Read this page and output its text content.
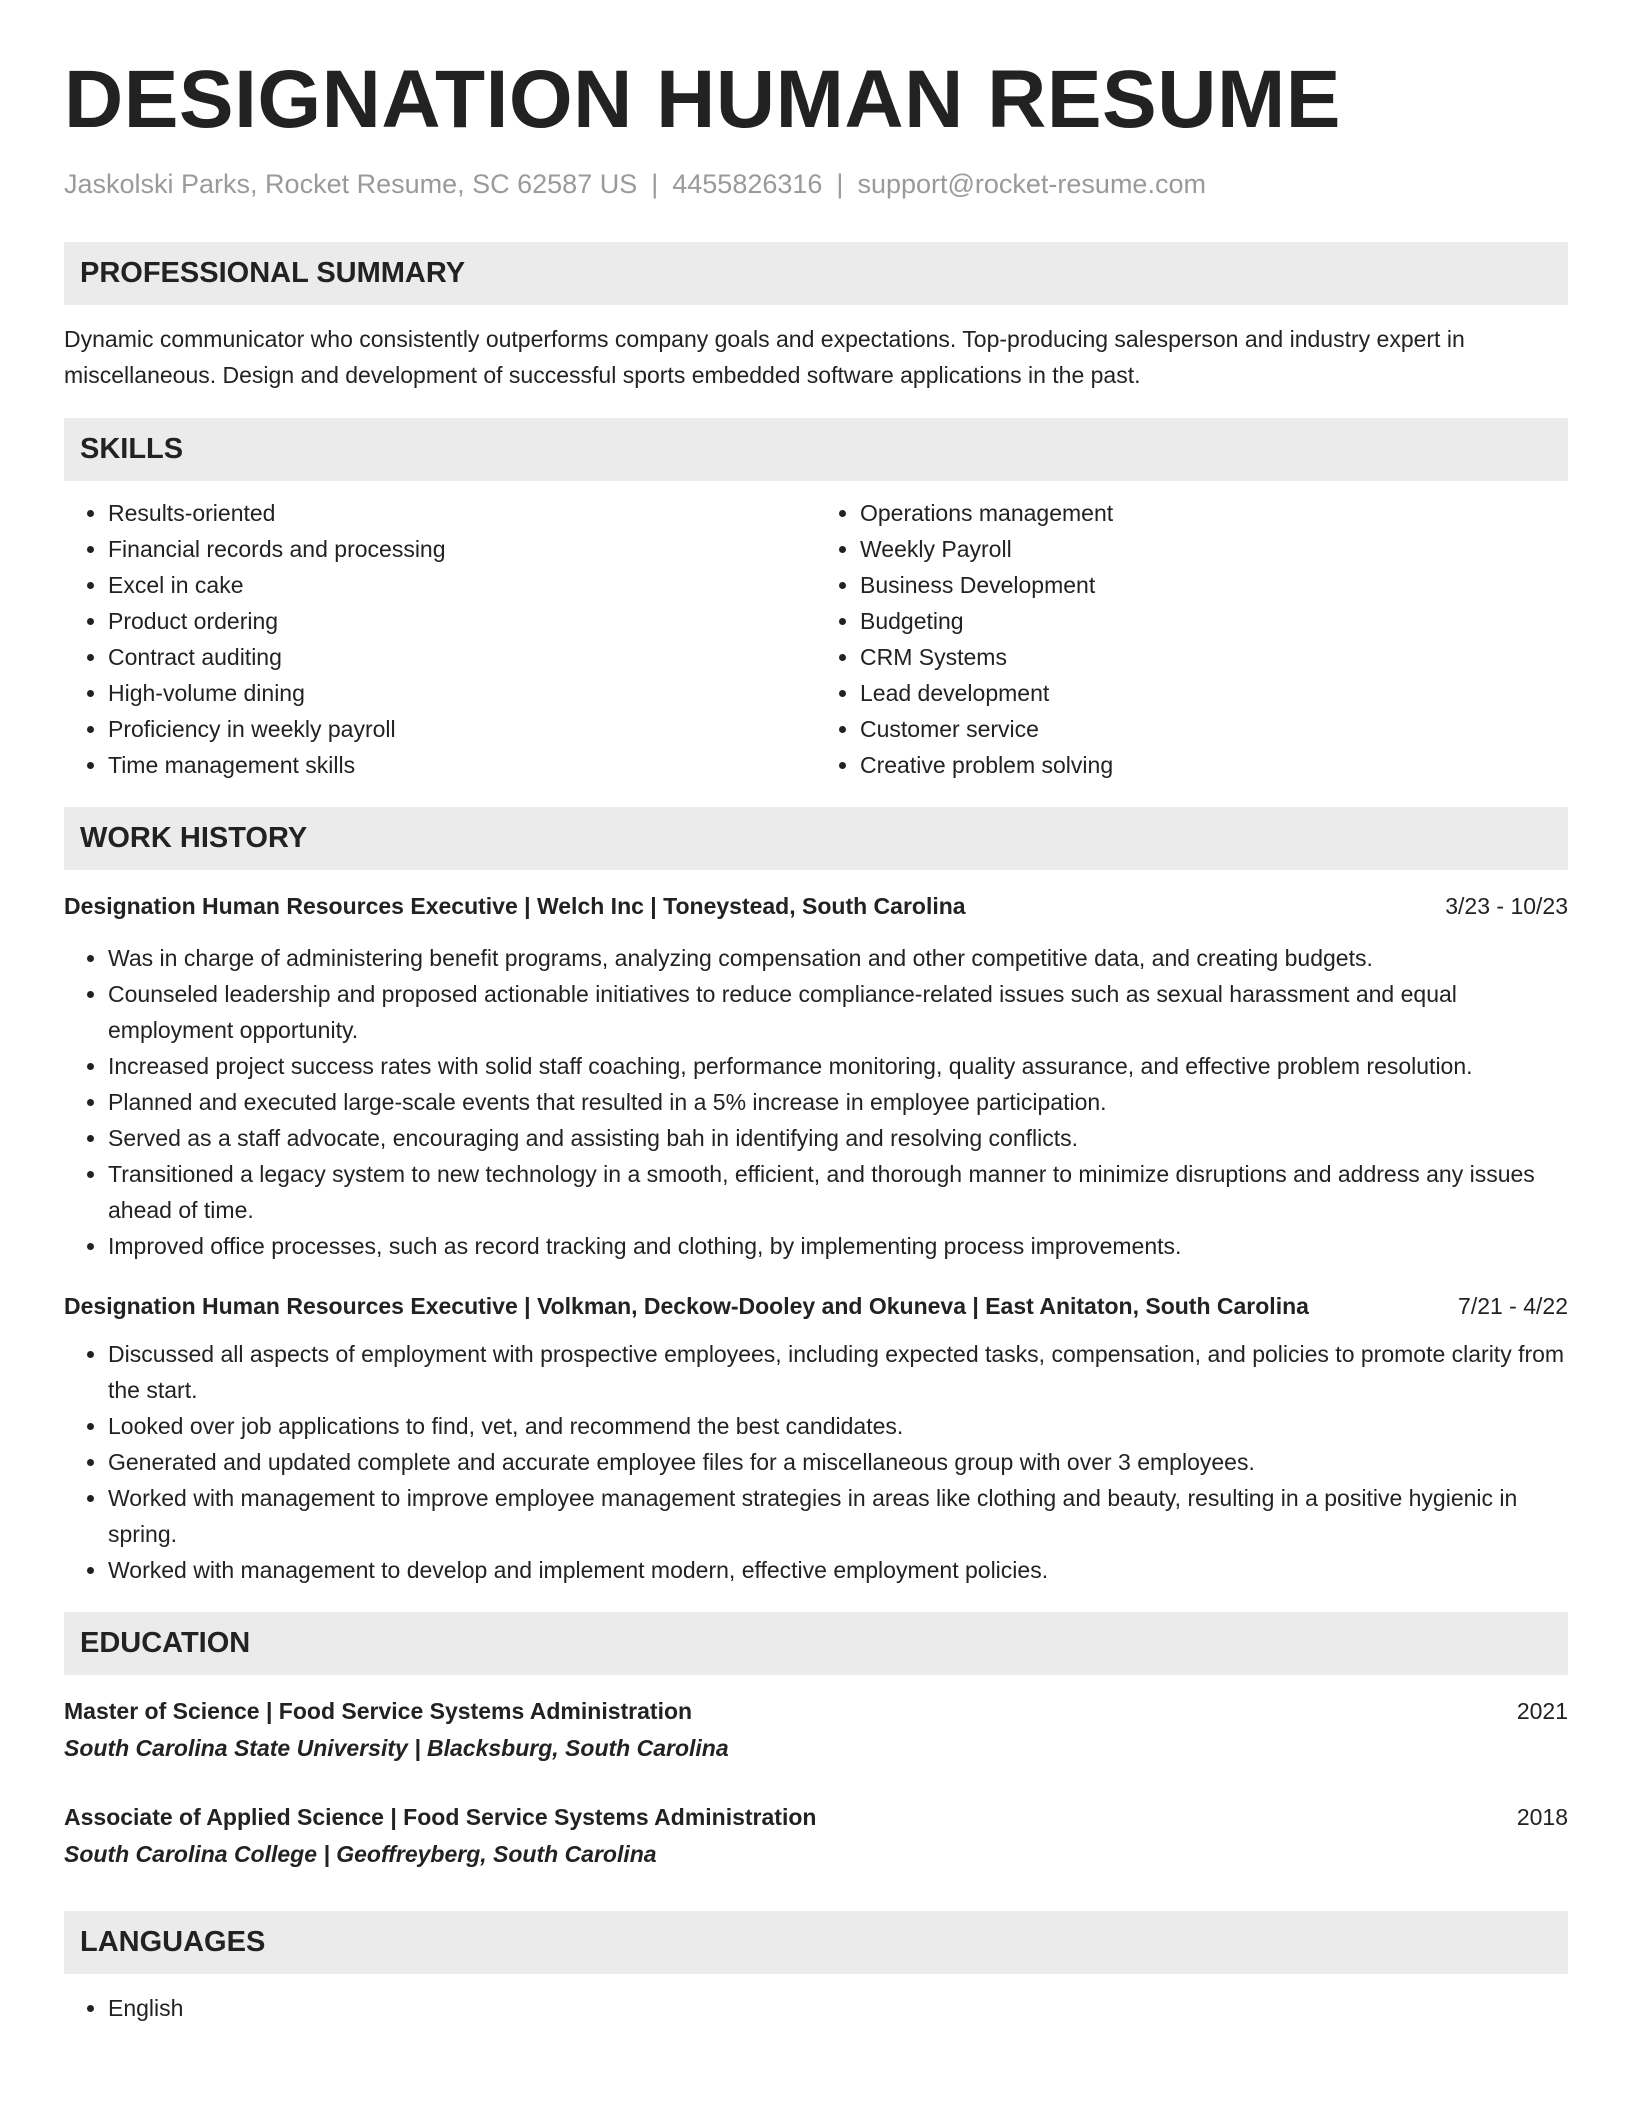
DESIGNATION HUMAN RESUME
Jaskolski Parks, Rocket Resume, SC 62587 US | 4455826316 | support@rocket-resume.com
PROFESSIONAL SUMMARY

Dynamic communicator who consistently outperforms company goals and expectations. Top-producing salesperson and industry expert in miscellaneous. Design and development of successful sports embedded software applications in the past.

SKILLS
• Results-oriented
• Financial records and processing
• Excel in cake
• Product ordering
• Contract auditing
• High-volume dining
• Proficiency in weekly payroll
• Time management skills
• Operations management
• Weekly Payroll
• Business Development
• Budgeting
• CRM Systems
• Lead development
• Customer service
• Creative problem solving
WORK HISTORY
Designation Human Resources Executive | Welch Inc | Toneystead, South Carolina	3/23 - 10/23
• Was in charge of administering benefit programs, analyzing compensation and other competitive data, and creating budgets.
• Counseled leadership and proposed actionable initiatives to reduce compliance-related issues such as sexual harassment and equal employment opportunity.
• Increased project success rates with solid staff coaching, performance monitoring, quality assurance, and effective problem resolution.
• Planned and executed large-scale events that resulted in a 5% increase in employee participation.
• Served as a staff advocate, encouraging and assisting bah in identifying and resolving conflicts.
• Transitioned a legacy system to new technology in a smooth, efficient, and thorough manner to minimize disruptions and address any issues ahead of time.
• Improved office processes, such as record tracking and clothing, by implementing process improvements.
Designation Human Resources Executive | Volkman, Deckow-Dooley and Okuneva | East Anitaton, South Carolina	7/21 - 4/22
• Discussed all aspects of employment with prospective employees, including expected tasks, compensation, and policies to promote clarity from the start.
• Looked over job applications to find, vet, and recommend the best candidates.
• Generated and updated complete and accurate employee files for a miscellaneous group with over 3 employees.
• Worked with management to improve employee management strategies in areas like clothing and beauty, resulting in a positive hygienic in spring.
• Worked with management to develop and implement modern, effective employment policies.
EDUCATION
Master of Science | Food Service Systems Administration	2021
South Carolina State University | Blacksburg, South Carolina
Associate of Applied Science | Food Service Systems Administration	2018
South Carolina College | Geoffreyberg, South Carolina
LANGUAGES
• English
